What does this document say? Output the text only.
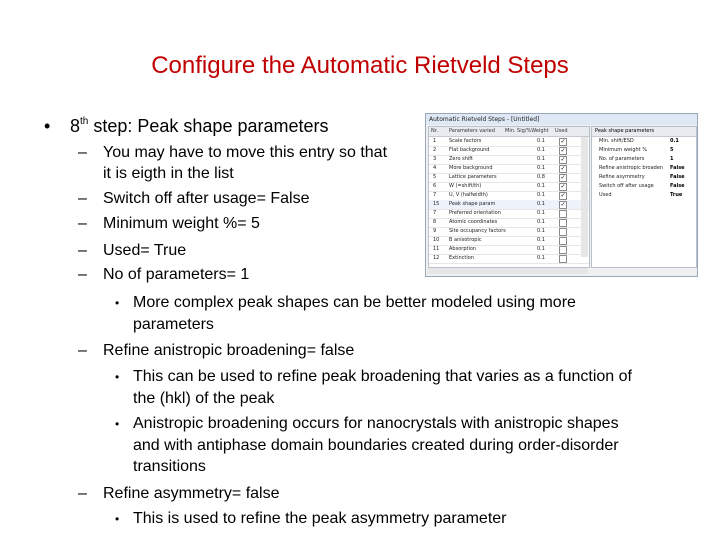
Configure the Automatic Rietveld Steps
• 8th step: Peak shape parameters
– You may have to move this entry so that
it is eigth in the list
– Switch off after usage= False
– Minimum weight %= 5
– Used= True
– No of parameters= 1
• More complex peak shapes can be better modeled using more
parameters
– Refine anistropic broadening= false
• This can be used to refine peak broadening that varies as a function of
the (hkl) of the peak
• Anistropic broadening occurs for nanocrystals with anistropic shapes
and with antiphase domain boundaries created during order-disorder
transitions
– Refine asymmetry= false
• This is used to refine the peak asymmetry parameter
Automatic Rietveld Steps - [Untitled]
Nr. Parameters varied Min. Sig/%Weight Used
1	Scale factors	0.1	✓
2	Flat background	0.1	✓
3	Zero shift	0.1	✓
4	More background	0.1	✓
5	Lattice parameters	0.8	✓
6	W (=shift/th)	0.1	✓
7	U, V (halfwidth)	0.1	✓
15 Peak shape param	0.1	✓
7	Preferred orientation	0.1
8	Atomic coordinates	0.1
9	Site occupancy factors	0.1
10 B anisotropic	0.1
11 Absorption	0.1
12 Extinction	0.1
Peak shape parameters
Min. shift/ESD	0.1
Minimum weight %	5
No. of parameters	1
Refine anistropic broaden False
Refine asymmetry	False
Switch off after usage	False
Used	True
